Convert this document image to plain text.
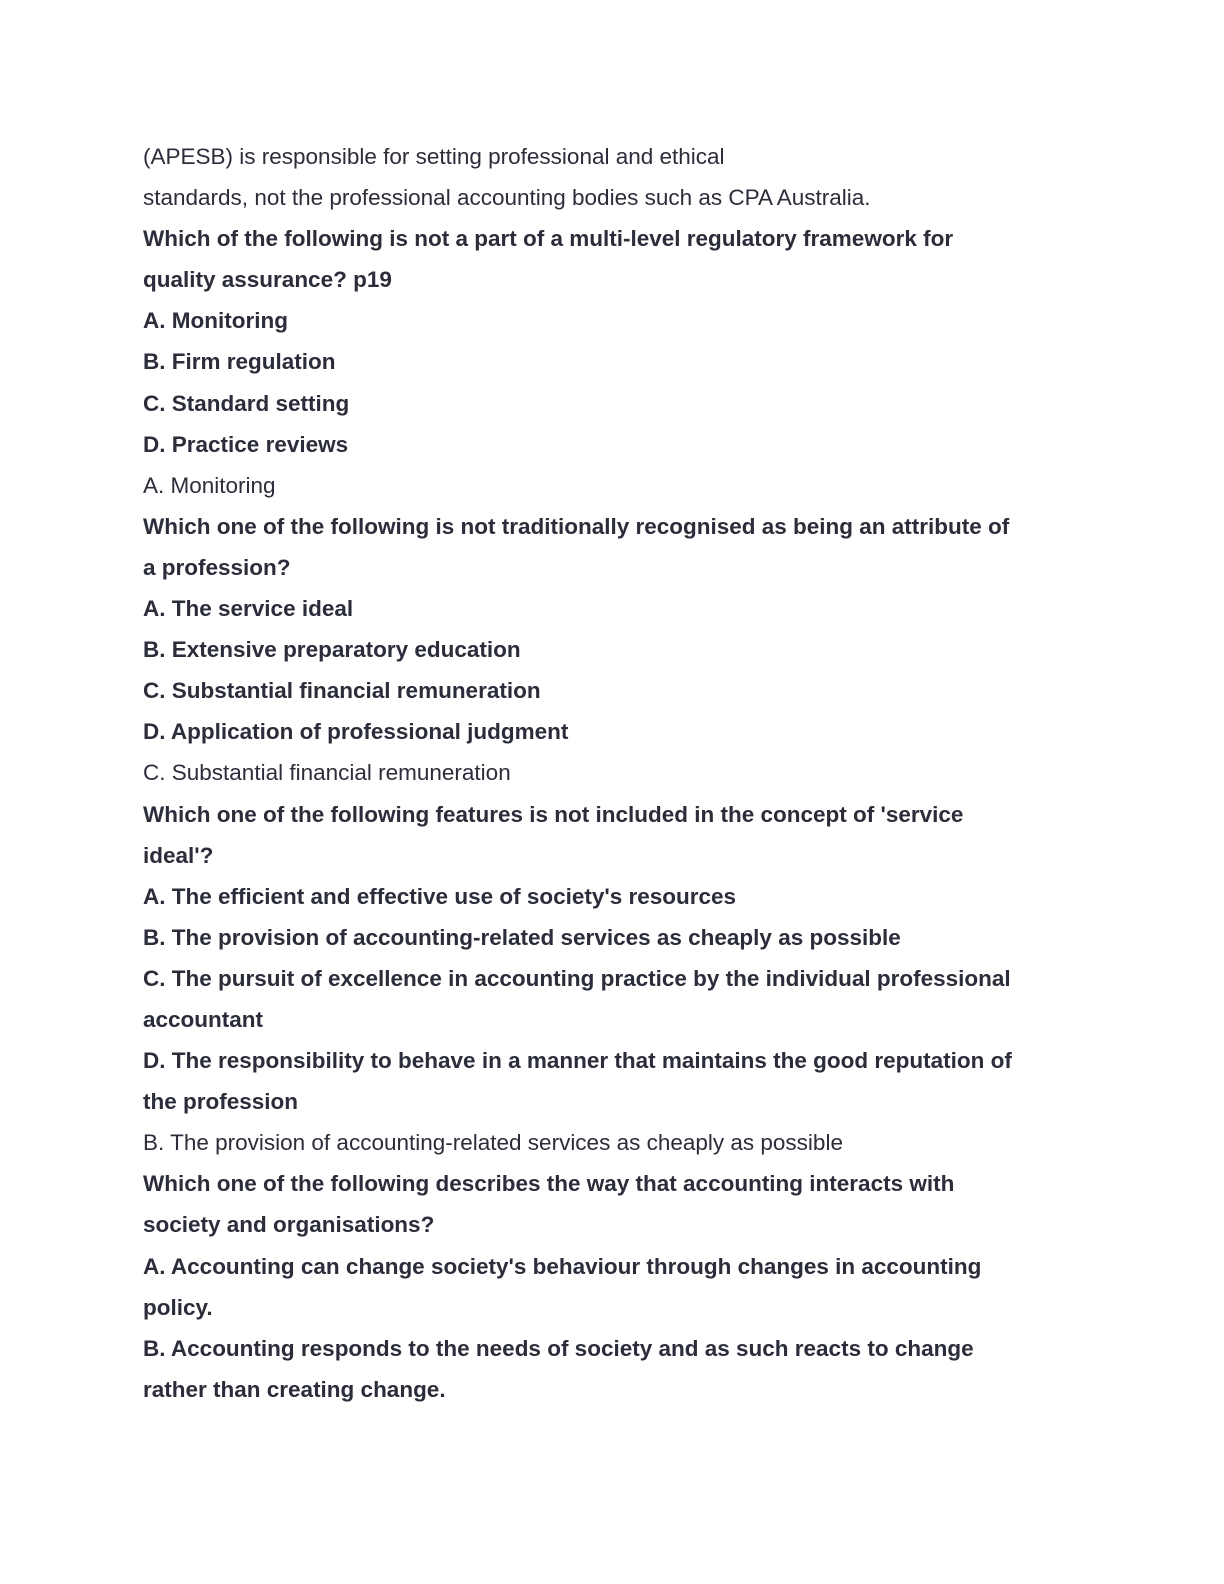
(APESB) is responsible for setting professional and ethical

standards, not the professional accounting bodies such as CPA Australia.

Which of the following is not a part of a multi-level regulatory framework for

quality assurance? p19

A. Monitoring

B. Firm regulation

C. Standard setting

D. Practice reviews

A. Monitoring

Which one of the following is not traditionally recognised as being an attribute of

a profession?

A. The service ideal

B. Extensive preparatory education

C. Substantial financial remuneration

D. Application of professional judgment

C. Substantial financial remuneration

Which one of the following features is not included in the concept of 'service

ideal'?

A. The efficient and effective use of society's resources

B. The provision of accounting-related services as cheaply as possible

C. The pursuit of excellence in accounting practice by the individual professional

accountant

D. The responsibility to behave in a manner that maintains the good reputation of

the profession

B. The provision of accounting-related services as cheaply as possible

Which one of the following describes the way that accounting interacts with

society and organisations?

A. Accounting can change society's behaviour through changes in accounting

policy.

B. Accounting responds to the needs of society and as such reacts to change

rather than creating change.
